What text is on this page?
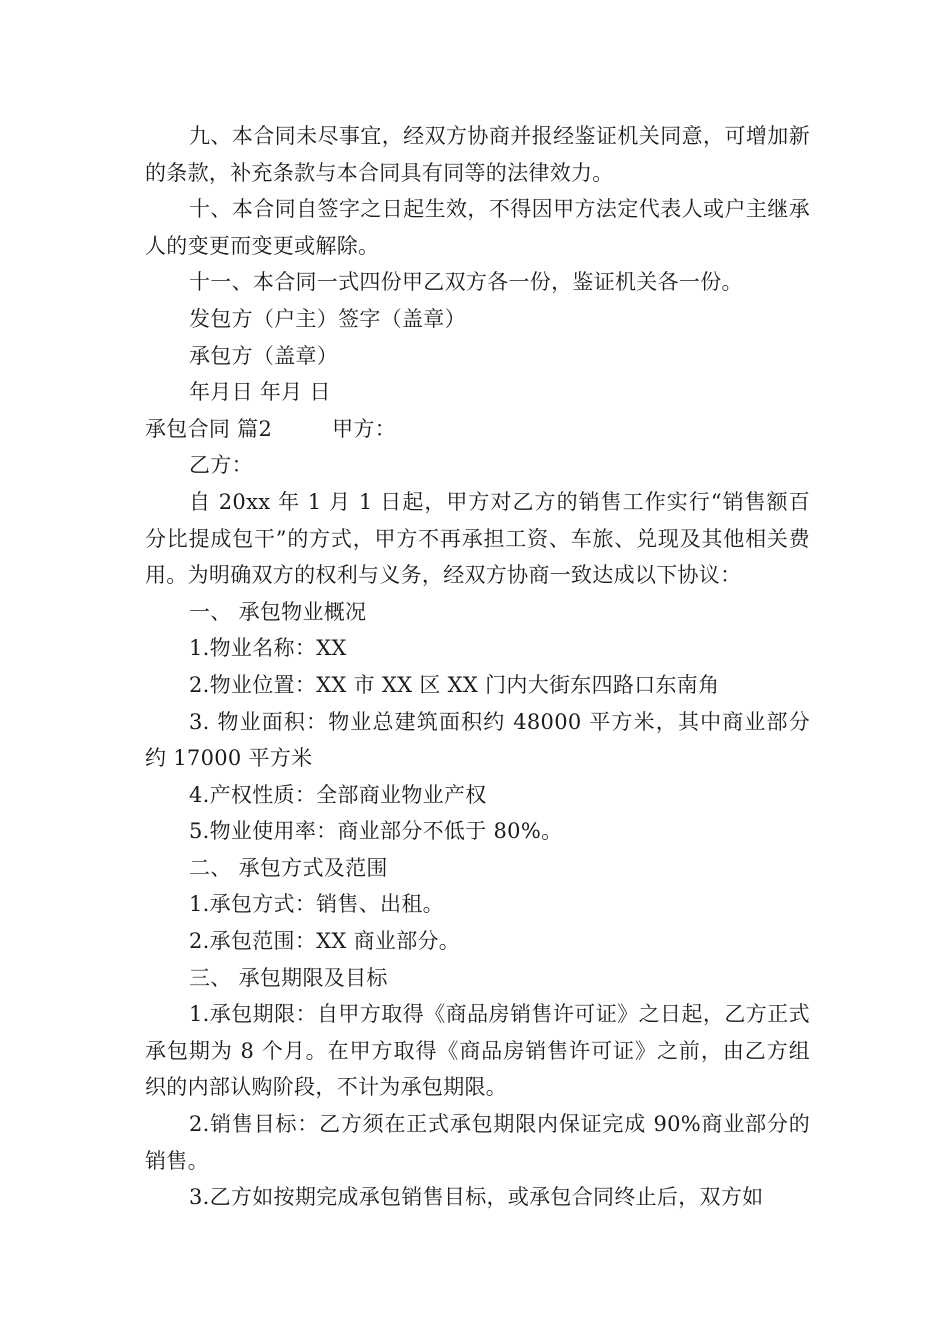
九、本合同未尽事宜，经双方协商并报经鉴证机关同意，可增加新的条款，补充条款与本合同具有同等的法律效力。

十、本合同自签字之日起生效，不得因甲方法定代表人或户主继承人的变更而变更或解除。

十一、本合同一式四份甲乙双方各一份，鉴证机关各一份。

发包方（户主）签字（盖章）

承包方（盖章）

年月日 年月 日

承包合同 篇2	甲方：

乙方：

自 20xx 年 1 月 1 日起，甲方对乙方的销售工作实行“销售额百分比提成包干”的方式，甲方不再承担工资、车旅、兑现及其他相关费用。为明确双方的权利与义务，经双方协商一致达成以下协议：

一、 承包物业概况

1.物业名称：XX

2.物业位置：XX 市 XX 区 XX 门内大街东四路口东南角

3. 物业面积：物业总建筑面积约 48000 平方米，其中商业部分约 17000 平方米

4.产权性质：全部商业物业产权

5.物业使用率：商业部分不低于 80%。

二、 承包方式及范围

1.承包方式：销售、出租。

2.承包范围：XX 商业部分。

三、 承包期限及目标

1.承包期限：自甲方取得《商品房销售许可证》之日起，乙方正式承包期为 8 个月。在甲方取得《商品房销售许可证》之前，由乙方组织的内部认购阶段，不计为承包期限。

2.销售目标：乙方须在正式承包期限内保证完成 90%商业部分的销售。

3.乙方如按期完成承包销售目标，或承包合同终止后，双方如
